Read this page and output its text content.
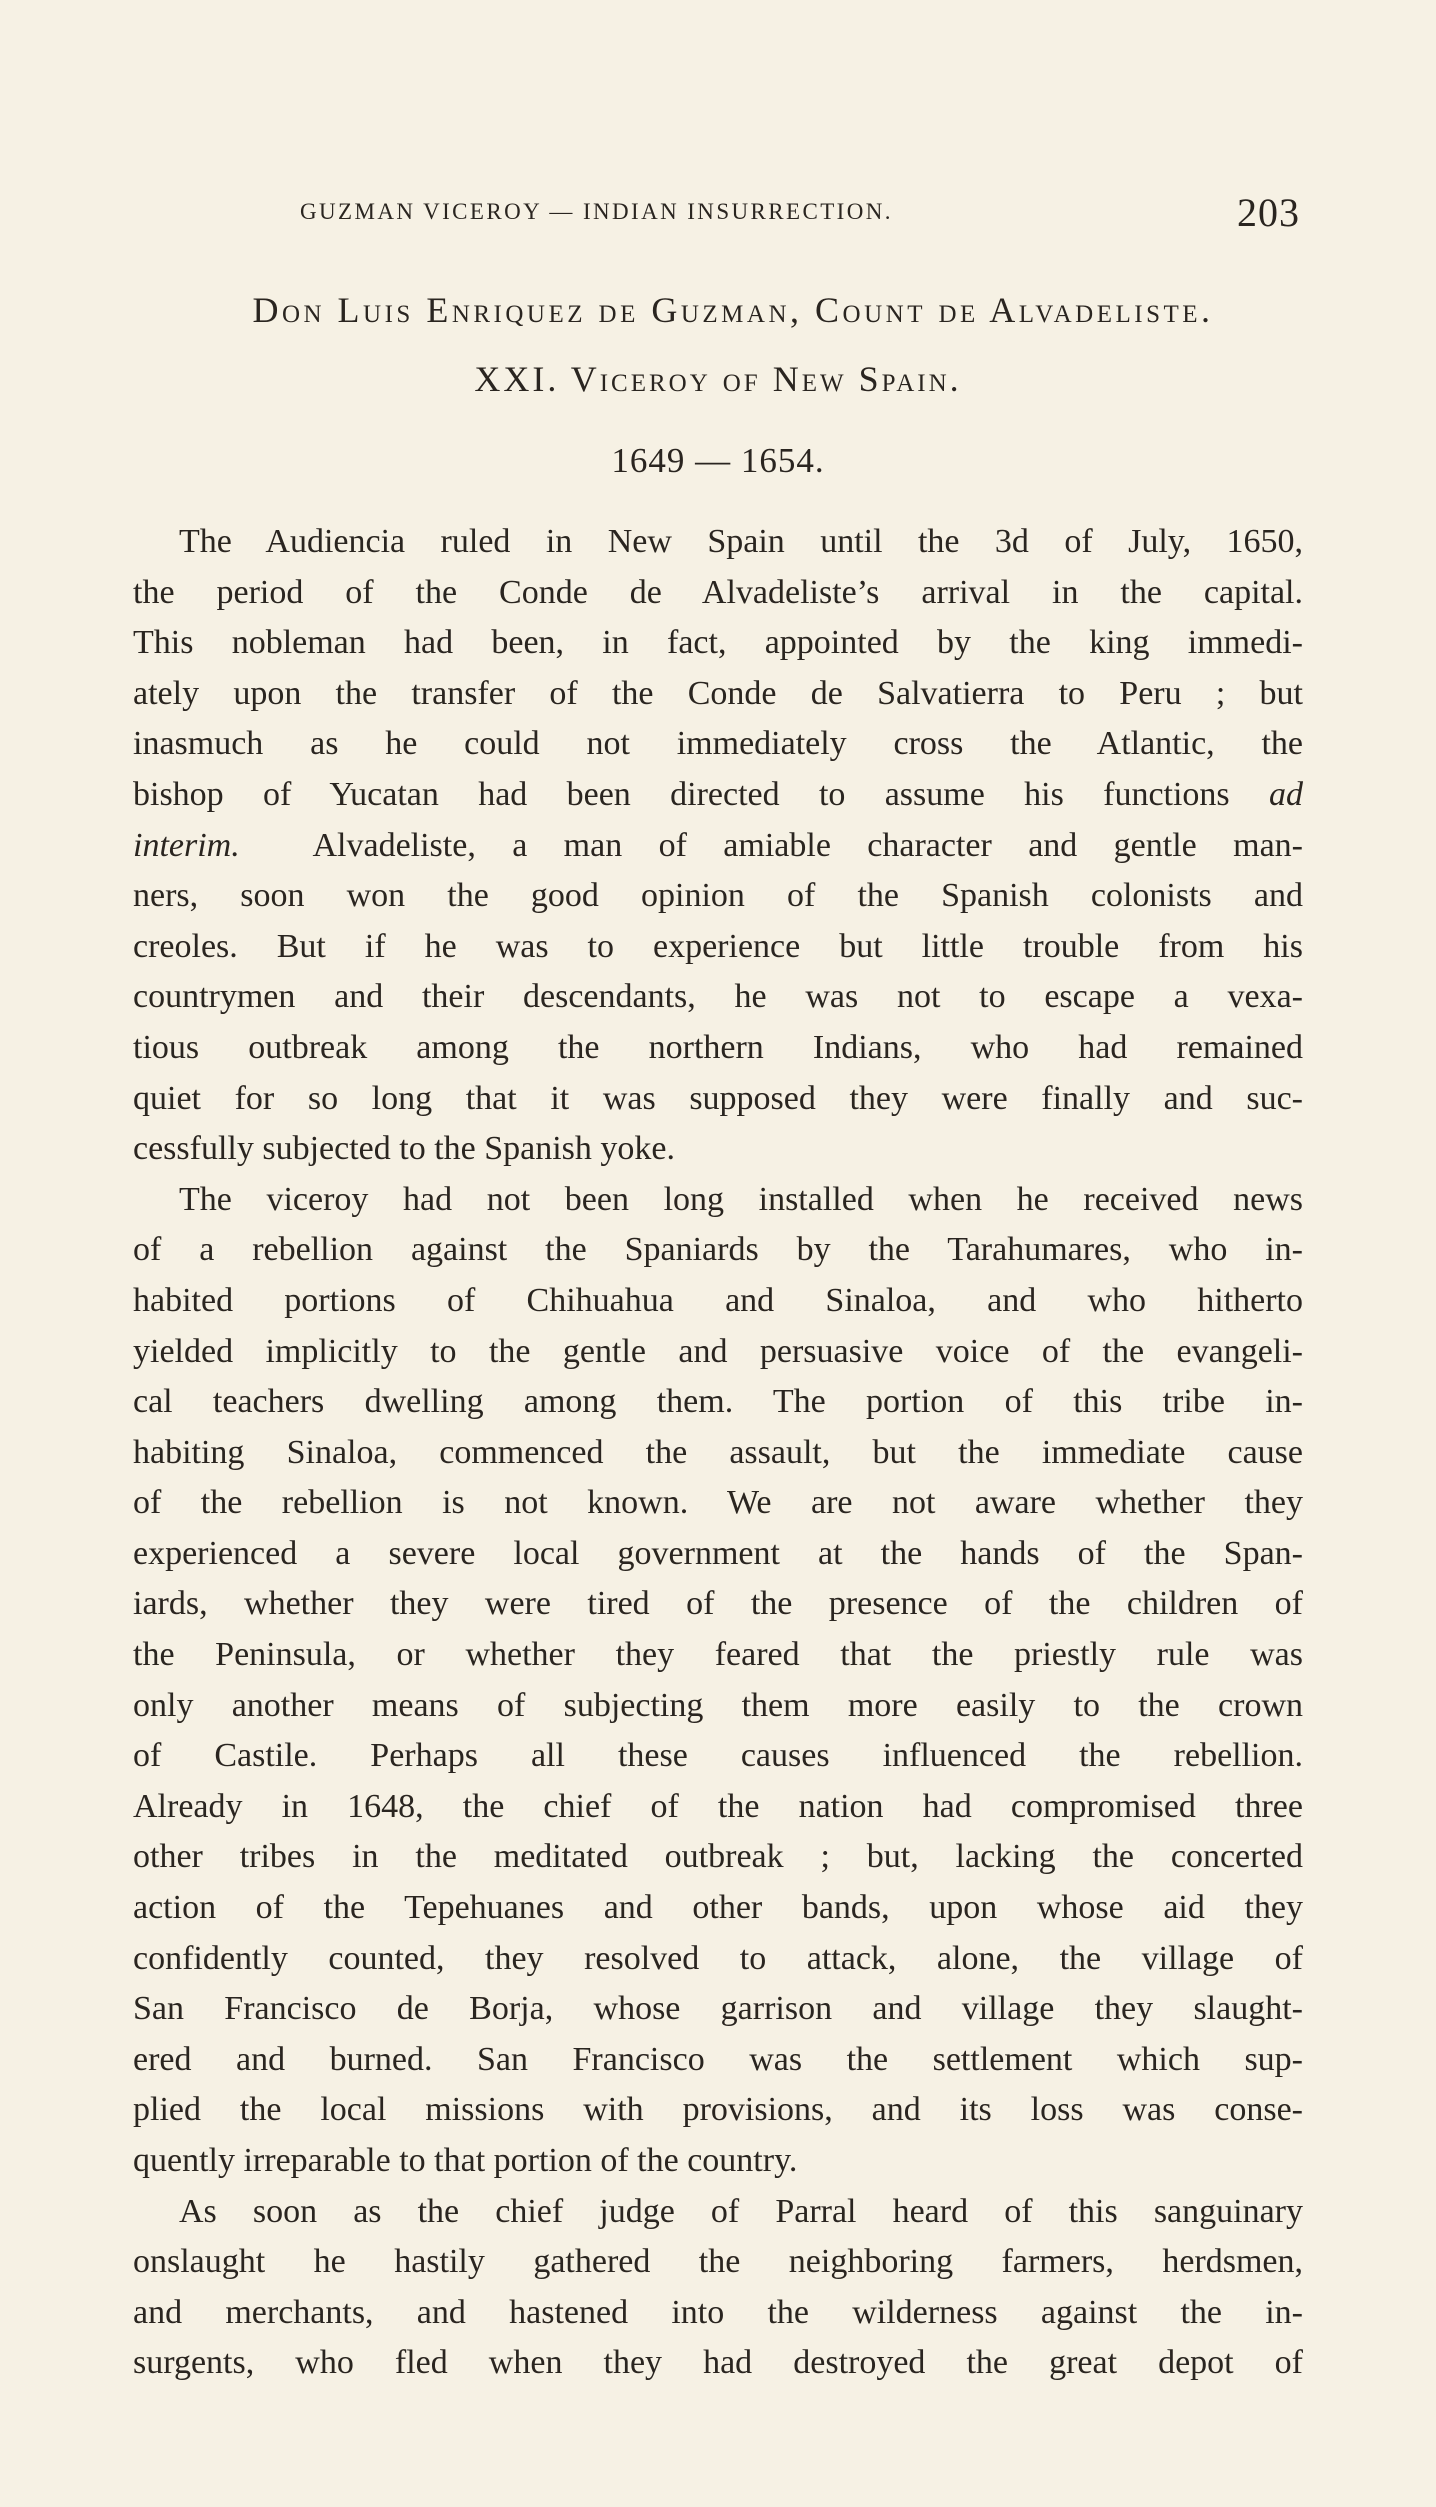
GUZMAN VICEROY — INDIAN INSURRECTION.	203
Don Luis Enriquez de Guzman, Count de Alvadeliste.
XXI. Viceroy of New Spain.
1649 — 1654.
The Audiencia ruled in New Spain until the 3d of July, 1650,
the period of the Conde de Alvadeliste’s arrival in the capital.
This nobleman had been, in fact, appointed by the king immedi-
ately upon the transfer of the Conde de Salvatierra to Peru ; but
inasmuch as he could not immediately cross the Atlantic, the
bishop of Yucatan had been directed to assume his functions ad
interim. Alvadeliste, a man of amiable character and gentle man-
ners, soon won the good opinion of the Spanish colonists and
creoles. But if he was to experience but little trouble from his
countrymen and their descendants, he was not to escape a vexa-
tious outbreak among the northern Indians, who had remained
quiet for so long that it was supposed they were finally and suc-
cessfully subjected to the Spanish yoke.
The viceroy had not been long installed when he received news
of a rebellion against the Spaniards by the Tarahumares, who in-
habited portions of Chihuahua and Sinaloa, and who hitherto
yielded implicitly to the gentle and persuasive voice of the evangeli-
cal teachers dwelling among them. The portion of this tribe in-
habiting Sinaloa, commenced the assault, but the immediate cause
of the rebellion is not known. We are not aware whether they
experienced a severe local government at the hands of the Span-
iards, whether they were tired of the presence of the children of
the Peninsula, or whether they feared that the priestly rule was
only another means of subjecting them more easily to the crown
of Castile. Perhaps all these causes influenced the rebellion.
Already in 1648, the chief of the nation had compromised three
other tribes in the meditated outbreak ; but, lacking the concerted
action of the Tepehuanes and other bands, upon whose aid they
confidently counted, they resolved to attack, alone, the village of
San Francisco de Borja, whose garrison and village they slaught-
ered and burned. San Francisco was the settlement which sup-
plied the local missions with provisions, and its loss was conse-
quently irreparable to that portion of the country.
As soon as the chief judge of Parral heard of this sanguinary
onslaught he hastily gathered the neighboring farmers, herdsmen,
and merchants, and hastened into the wilderness against the in-
surgents, who fled when they had destroyed the great depot of
